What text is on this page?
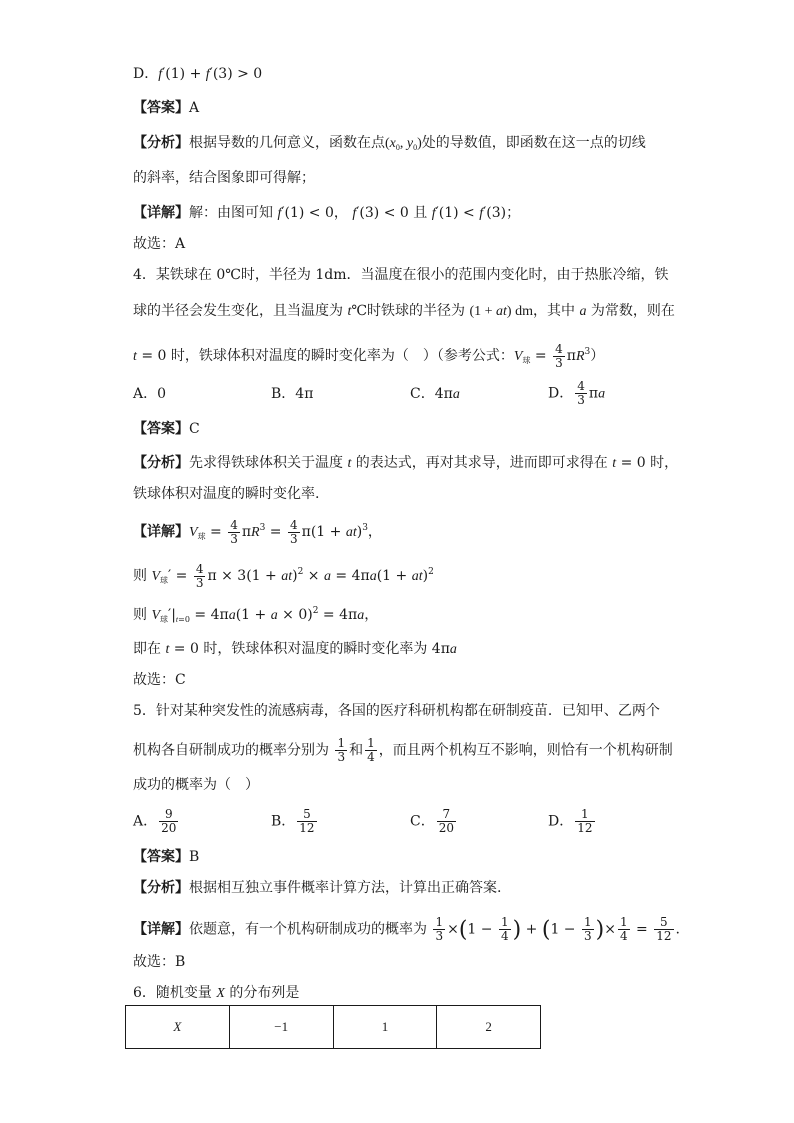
D．f′(1) + f′(3) > 0
【答案】A
【分析】根据导数的几何意义，函数在点($x_0$, $y_0$)处的导数值，即函数在这一点的切线
的斜率，结合图象即可得解；
【详解】解：由图可知 f′(1) < 0， f′(3) < 0 且 f′(1) < f′(3)；
故选：A
4．某铁球在 0℃时，半径为 1dm．当温度在很小的范围内变化时，由于热胀冷缩，铁
球的半径会发生变化，且当温度为 t℃时铁球的半径为 (1 + at) dm，其中 a 为常数，则在
t = 0 时，铁球体积对温度的瞬时变化率为（　）（参考公式：$V_球 = \frac{4}{3} \pi R^3$）
A．0	B．4π	C．4πa	D． $\frac{4}{3}$ πa
【答案】C
【分析】先求得铁球体积关于温度 t 的表达式，再对其求导，进而即可求得在 t = 0 时，
铁球体积对温度的瞬时变化率.
【详解】$V_球 = \frac{4}{3} \pi R^3 = \frac{4}{3} \pi(1 + at)^3$，
则 $V_球' = \frac{4}{3}$ π × 3(1 + at)$^2$ × a = 4πa(1 + at)$^2$
则 $V_球'|_{t=0} = 4\pi a(1 + a \times 0)^2 = 4\pi a$，
即在 t = 0 时，铁球体积对温度的瞬时变化率为 4πa
故选：C
5．针对某种突发性的流感病毒，各国的医疗科研机构都在研制疫苗．已知甲、乙两个
机构各自研制成功的概率分别为 $\frac{1}{3}$ 和 $\frac{1}{4}$ ，而且两个机构互不影响，则恰有一个机构研制
成功的概率为（　）
A． $\frac{9}{20}$	B． $\frac{5}{12}$	C． $\frac{7}{20}$	D． $\frac{1}{12}$
【答案】B
【分析】根据相互独立事件概率计算方法，计算出正确答案.
【详解】依题意，有一个机构研制成功的概率为 $\frac{1}{3} \times(1 - \frac{1}{4}$ ) + ($1 - \frac{1}{3}$ )× $\frac{1}{4} = \frac{5}{12}$ .
故选：B
6．随机变量 X 的分布列是
X	−1	1	2
